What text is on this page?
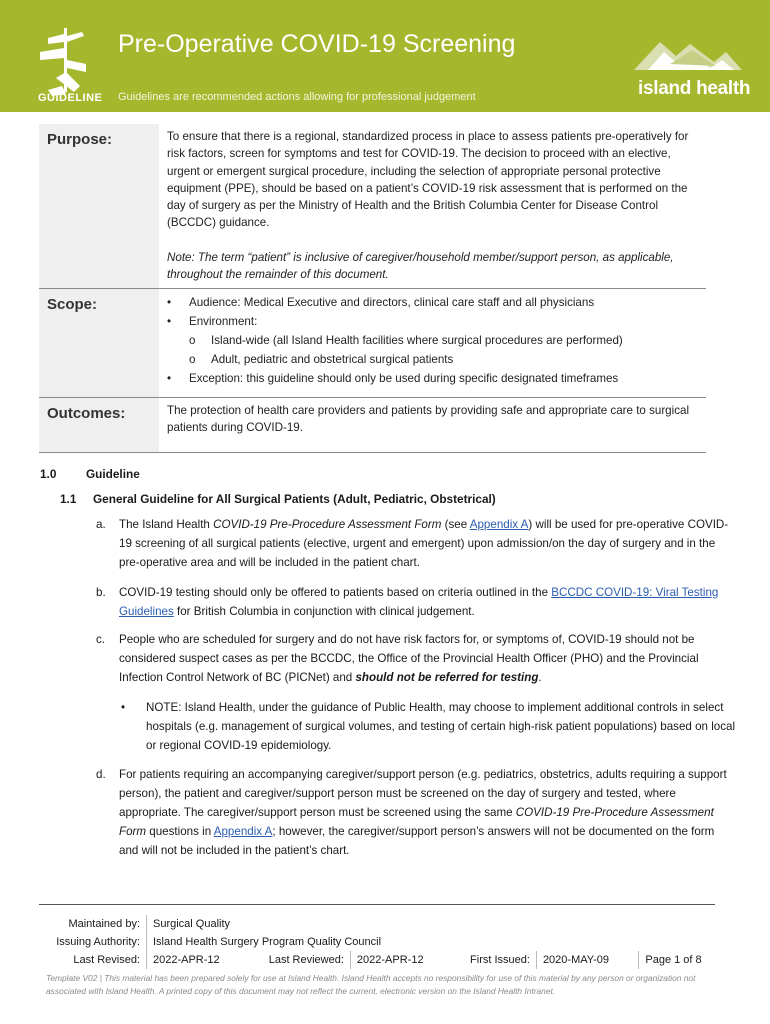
GUIDELINE
Pre-Operative COVID-19 Screening
Guidelines are recommended actions allowing for professional judgement	island health
Purpose:	To ensure that there is a regional, standardized process in place to assess patients pre-operatively for risk factors, screen for symptoms and test for COVID-19. The decision to proceed with an elective, urgent or emergent surgical procedure, including the selection of appropriate personal protective equipment (PPE), should be based on a patient’s COVID-19 risk assessment that is performed on the day of surgery as per the Ministry of Health and the British Columbia Center for Disease Control (BCCDC) guidance.

Note: The term “patient” is inclusive of caregiver/household member/support person, as applicable, throughout the remainder of this document.

Scope:	•	Audience: Medical Executive and directors, clinical care staff and all physicians
•	Environment:
o	Island-wide (all Island Health facilities where surgical procedures are performed)
o	Adult, pediatric and obstetrical surgical patients
•	Exception: this guideline should only be used during specific designated timeframes
Outcomes:	The protection of health care providers and patients by providing safe and appropriate care to surgical patients during COVID-19.

1.0	Guideline
1.1 General Guideline for All Surgical Patients (Adult, Pediatric, Obstetrical)
a.	The Island Health COVID-19 Pre-Procedure Assessment Form (see Appendix A) will be used for pre-operative COVID-19 screening of all surgical patients (elective, urgent and emergent) upon admission/on the day of surgery and in the pre-operative area and will be included in the patient chart.
b.	COVID-19 testing should only be offered to patients based on criteria outlined in the BCCDC COVID-19: Viral Testing Guidelines for British Columbia in conjunction with clinical judgement.
c.	People who are scheduled for surgery and do not have risk factors for, or symptoms of, COVID-19 should not be considered suspect cases as per the BCCDC, the Office of the Provincial Health Officer (PHO) and the Provincial Infection Control Network of BC (PICNet) and should not be referred for testing.
•	NOTE: Island Health, under the guidance of Public Health, may choose to implement additional controls in select hospitals (e.g. management of surgical volumes, and testing of certain high-risk patient populations) based on local or regional COVID-19 epidemiology.
d.	For patients requiring an accompanying caregiver/support person (e.g. pediatrics, obstetrics, adults requiring a support person), the patient and caregiver/support person must be screened on the day of surgery and tested, where appropriate. The caregiver/support person must be screened using the same COVID-19 Pre-Procedure Assessment Form questions in Appendix A; however, the caregiver/support person’s answers will not be documented on the form and will not be included in the patient’s chart.
Maintained by:	Surgical Quality
Issuing Authority:	Island Health Surgery Program Quality Council
Last Revised:	2022-APR-12	Last Reviewed:	2022-APR-12	First Issued:	2020-MAY-09	Page 1 of 8
Template V02 | This material has been prepared solely for use at Island Health. Island Health accepts no responsibility for use of this material by any person or organization not associated with Island Health. A printed copy of this document may not reflect the current, electronic version on the Island Health Intranet.
